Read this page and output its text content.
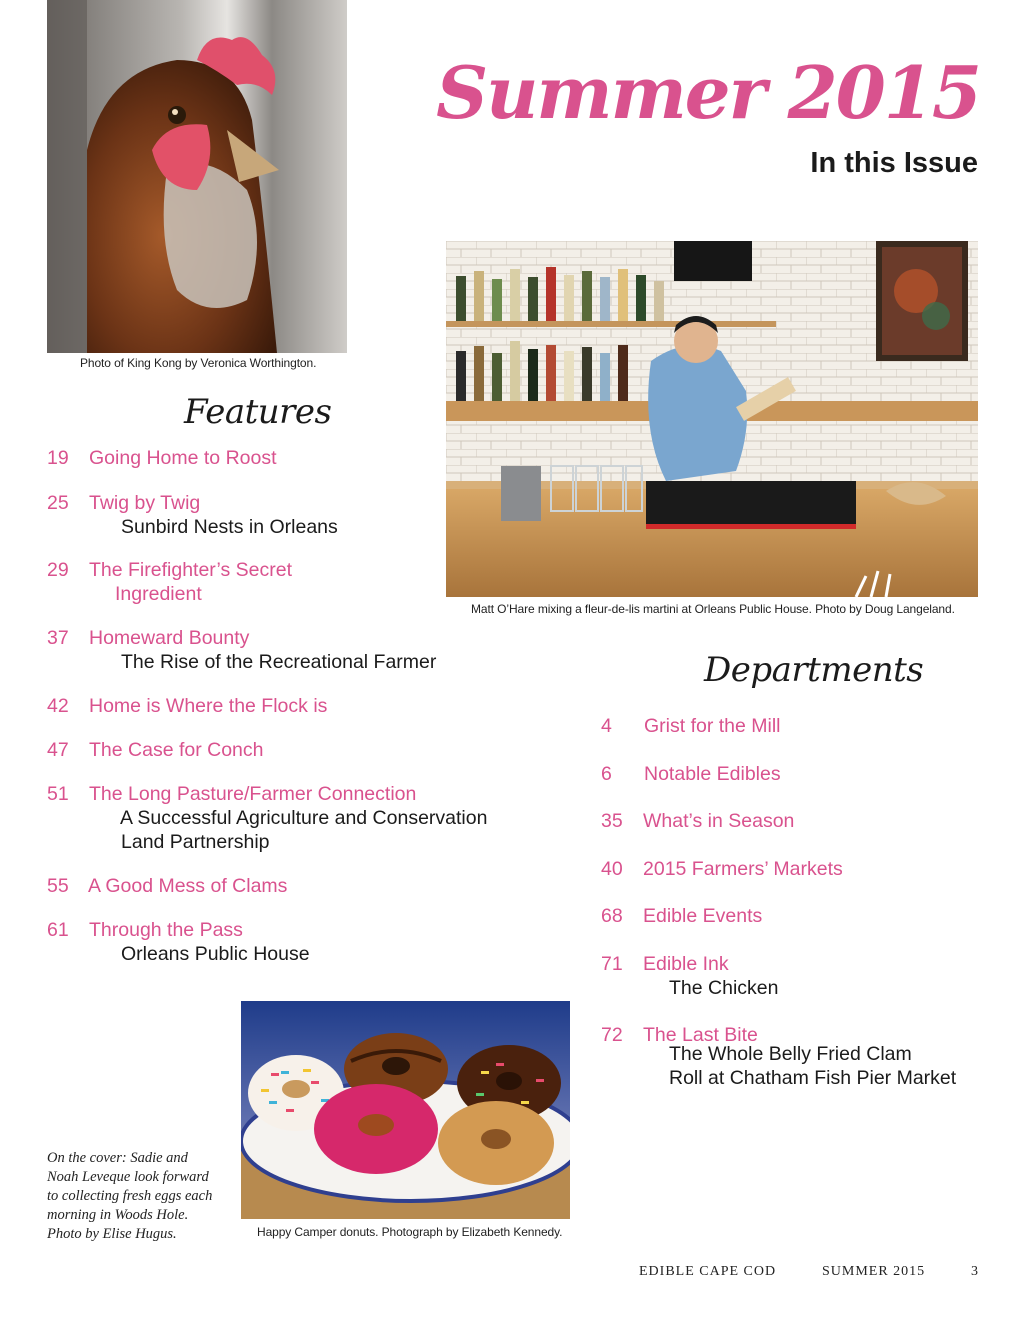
Photo of King Kong by Veronica Worthington.
Summer 2015
In this Issue
Matt O’Hare mixing a fleur-de-lis martini at Orleans Public House. Photo by Doug Langeland.
Features
19 Going Home to Roost
25 Twig by Twig
Sunbird Nests in Orleans
29 The Firefighter’s Secret
Ingredient
37 Homeward Bounty
The Rise of the Recreational Farmer
42 Home is Where the Flock is
47 The Case for Conch
51 The Long Pasture/Farmer Connection
A Successful Agriculture and Conservation
Land Partnership
55 A Good Mess of Clams
61 Through the Pass
Orleans Public House
Departments
4 Grist for the Mill
6 Notable Edibles
35 What’s in Season
40 2015 Farmers’ Markets
68 Edible Events
71 Edible Ink
The Chicken
72 The Last Bite
The Whole Belly Fried Clam
Roll at Chatham Fish Pier Market
Happy Camper donuts. Photograph by Elizabeth Kennedy.
On the cover: Sadie and Noah Leveque look forward to collecting fresh eggs each morning in Woods Hole. Photo by Elise Hugus.
EDIBLE CAPE COD	SUMMER 2015	3
